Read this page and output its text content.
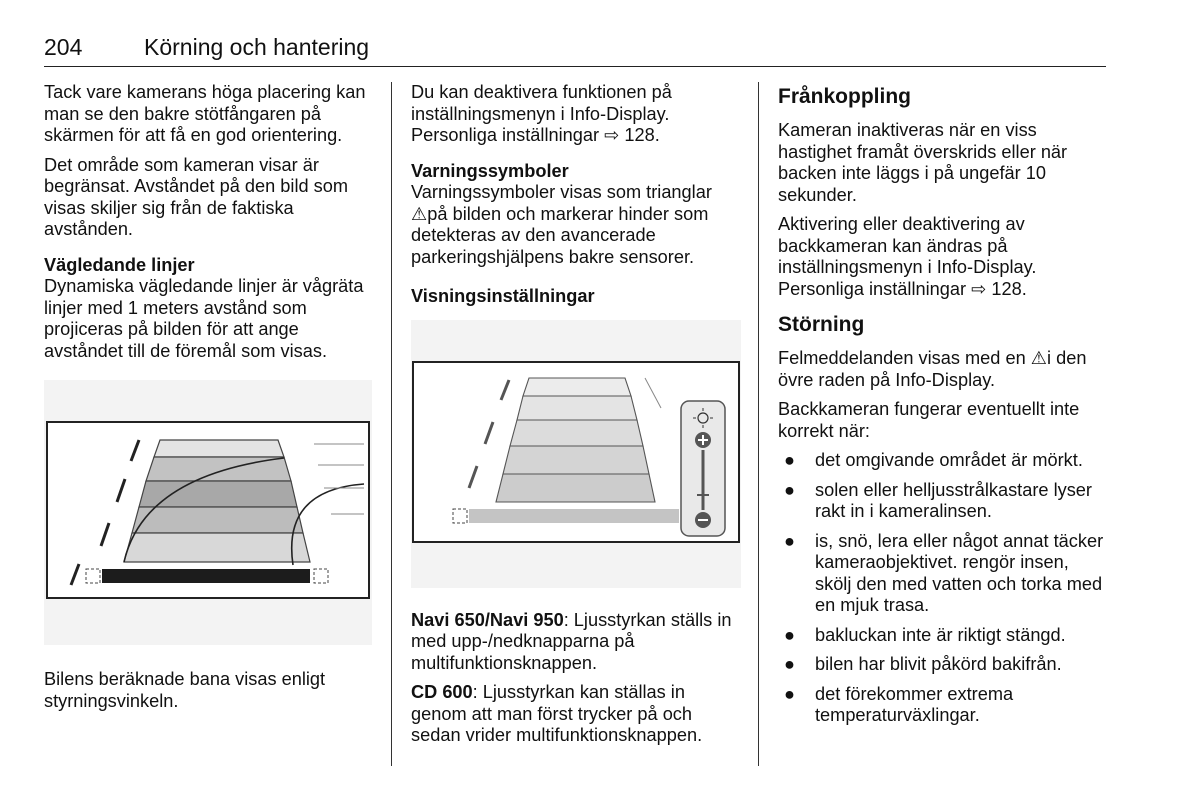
204	Körning och hantering

Tack vare kamerans höga placering kan man se den bakre stötfångaren på skärmen för att få en god orientering.

Det område som kameran visar är begränsat. Avståndet på den bild som visas skiljer sig från de faktiska avstånden.

Vägledande linjer

Dynamiska vägledande linjer är vågräta linjer med 1 meters avstånd som projiceras på bilden för att ange avståndet till de föremål som visas.

Bilens beräknade bana visas enligt styrningsvinkeln.

Du kan deaktivera funktionen på inställningsmenyn i Info-Display. Personliga inställningar ⇨ 128.

Varningssymboler

Varningssymboler visas som trianglar ⚠på bilden och markerar hinder som detekteras av den avancerade parkeringshjälpens bakre sensorer.

Visningsinställningar

Navi 650/Navi 950: Ljusstyrkan ställs in med upp-/nedknapparna på multifunktionsknappen.

CD 600: Ljusstyrkan kan ställas in genom att man först trycker på och sedan vrider multifunktionsknappen.

Frånkoppling

Kameran inaktiveras när en viss hastighet framåt överskrids eller när backen inte läggs i på ungefär 10 sekunder.

Aktivering eller deaktivering av backkameran kan ändras på inställningsmenyn i Info-Display. Personliga inställningar ⇨ 128.

Störning

Felmeddelanden visas med en ⚠i den övre raden på Info-Display.

Backkameran fungerar eventuellt inte korrekt när:

● det omgivande området är mörkt.
● solen eller helljusstrålkastare lyser rakt in i kameralinsen.
● is, snö, lera eller något annat täcker kameraobjektivet. rengör insen, skölj den med vatten och torka med en mjuk trasa.
● bakluckan inte är riktigt stängd.
● bilen har blivit påkörd bakifrån.
● det förekommer extrema temperaturväxlingar.
